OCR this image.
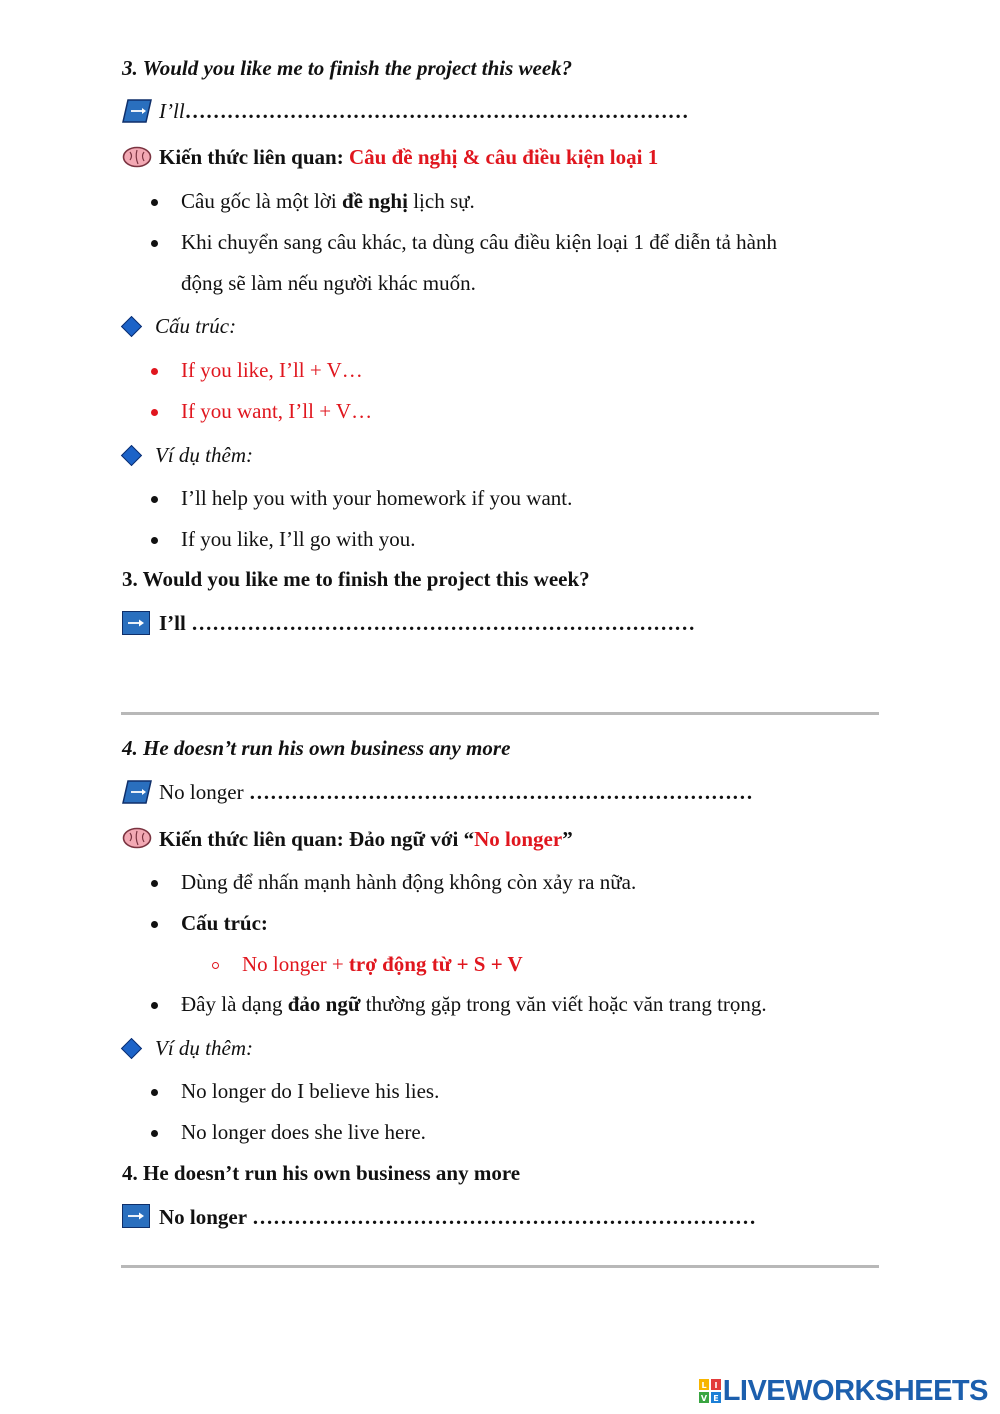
3. Would you like me to finish the project this week?
I’ll………………………………………………………………
Kiến thức liên quan: Câu đề nghị & câu điều kiện loại 1
Câu gốc là một lời đề nghị lịch sự.
Khi chuyển sang câu khác, ta dùng câu điều kiện loại 1 để diễn tả hành
động sẽ làm nếu người khác muốn.
Cấu trúc:
If you like, I’ll + V…
If you want, I’ll + V…
Ví dụ thêm:
I’ll help you with your homework if you want.
If you like, I’ll go with you.
3. Would you like me to finish the project this week?
I’ll ………………………………………………………………
4. He doesn’t run his own business any more
No longer ………………………………………………………………
Kiến thức liên quan: Đảo ngữ với “No longer”
Dùng để nhấn mạnh hành động không còn xảy ra nữa.
Cấu trúc:
No longer + trợ động từ + S + V
Đây là dạng đảo ngữ thường gặp trong văn viết hoặc văn trang trọng.
Ví dụ thêm:
No longer do I believe his lies.
No longer does she live here.
4. He doesn’t run his own business any more
No longer ………………………………………………………………
L I
V E LIVEWORKSHEETS
